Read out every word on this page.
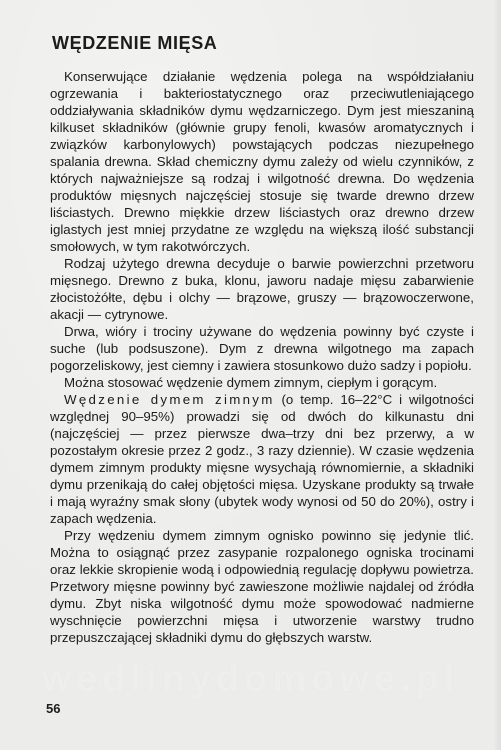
WĘDZENIE MIĘSA

Konserwujące działanie wędzenia polega na współdziałaniu ogrzewania i bakteriostatycznego oraz przeciwutleniającego oddziaływania składników dymu wędzarniczego. Dym jest mieszaniną kilkuset składników (głównie grupy fenoli, kwasów aromatycznych i związków karbonylowych) powstających podczas niezupełnego spalania drewna. Skład chemiczny dymu zależy od wielu czynników, z których najważniejsze są rodzaj i wilgotność drewna. Do wędzenia produktów mięsnych najczęściej stosuje się twarde drewno drzew liściastych. Drewno miękkie drzew liściastych oraz drewno drzew iglastych jest mniej przydatne ze względu na większą ilość substancji smołowych, w tym rakotwórczych.

Rodzaj użytego drewna decyduje o barwie powierzchni przetworu mięsnego. Drewno z buka, klonu, jaworu nadaje mięsu zabarwienie złocistożółte, dębu i olchy — brązowe, gruszy — brązowoczerwone, akacji — cytrynowe.

Drwa, wióry i trociny używane do wędzenia powinny być czyste i suche (lub podsuszone). Dym z drewna wilgotnego ma zapach pogorzeliskowy, jest ciemny i zawiera stosunkowo dużo sadzy i popiołu.

Można stosować wędzenie dymem zimnym, ciepłym i gorącym.

Wędzenie dymem zimnym (o temp. 16–22°C i wilgotności względnej 90–95%) prowadzi się od dwóch do kilkunastu dni (najczęściej — przez pierwsze dwa–trzy dni bez przerwy, a w pozostałym okresie przez 2 godz., 3 razy dziennie). W czasie wędzenia dymem zimnym produkty mięsne wysychają równomiernie, a składniki dymu przenikają do całej objętości mięsa. Uzyskane produkty są trwałe i mają wyraźny smak słony (ubytek wody wynosi od 50 do 20%), ostry i zapach wędzenia.

Przy wędzeniu dymem zimnym ognisko powinno się jedynie tlić. Można to osiągnąć przez zasypanie rozpalonego ogniska trocinami oraz lekkie skropienie wodą i odpowiednią regulację dopływu powietrza. Przetwory mięsne powinny być zawieszone możliwie najdalej od źródła dymu. Zbyt niska wilgotność dymu może spowodować nadmierne wyschnięcie powierzchni mięsa i utworzenie warstwy trudno przepuszczającej składniki dymu do głębszych warstw.

wedlinydomowe.pl

56
